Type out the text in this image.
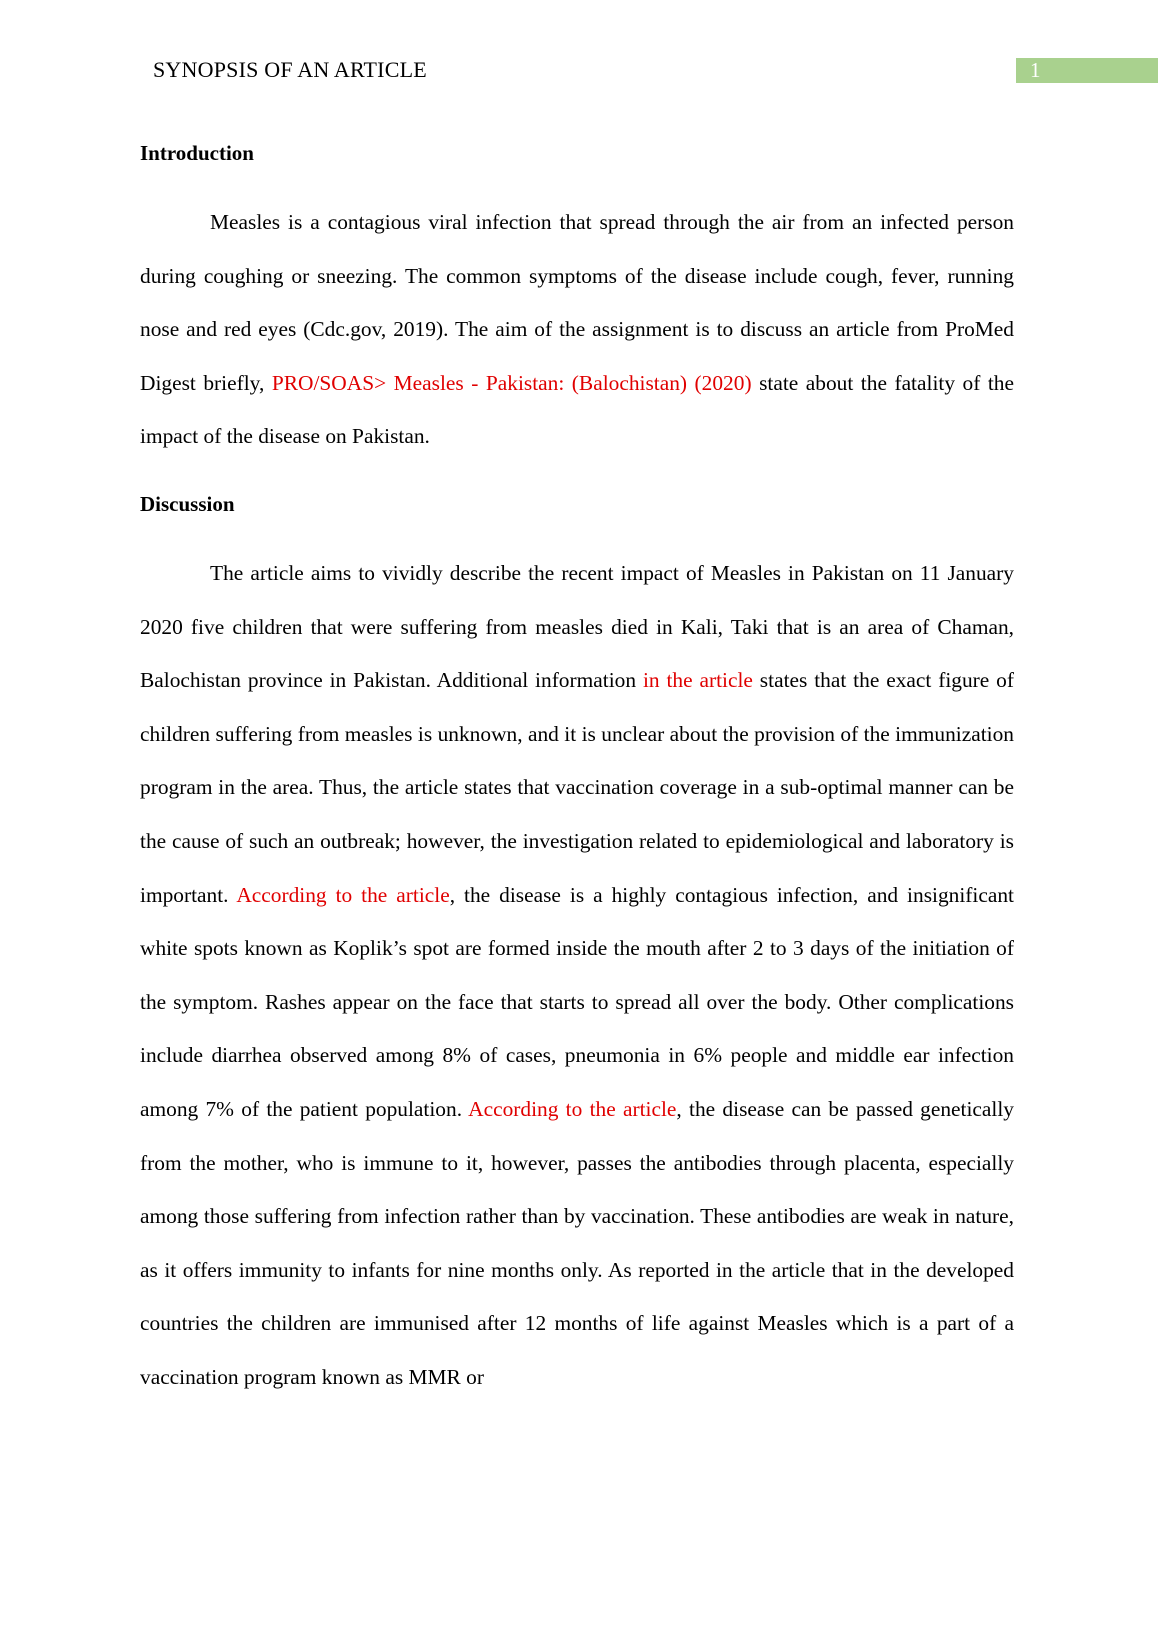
SYNOPSIS OF AN ARTICLE	1
Introduction

Measles is a contagious viral infection that spread through the air from an infected person during coughing or sneezing. The common symptoms of the disease include cough, fever, running nose and red eyes (Cdc.gov, 2019). The aim of the assignment is to discuss an article from ProMed Digest briefly, PRO/SOAS> Measles - Pakistan: (Balochistan) (2020) state about the fatality of the impact of the disease on Pakistan.

Discussion

The article aims to vividly describe the recent impact of Measles in Pakistan on 11 January 2020 five children that were suffering from measles died in Kali, Taki that is an area of Chaman, Balochistan province in Pakistan. Additional information in the article states that the exact figure of children suffering from measles is unknown, and it is unclear about the provision of the immunization program in the area. Thus, the article states that vaccination coverage in a sub-optimal manner can be the cause of such an outbreak; however, the investigation related to epidemiological and laboratory is important. According to the article, the disease is a highly contagious infection, and insignificant white spots known as Koplik’s spot are formed inside the mouth after 2 to 3 days of the initiation of the symptom. Rashes appear on the face that starts to spread all over the body. Other complications include diarrhea observed among 8% of cases, pneumonia in 6% people and middle ear infection among 7% of the patient population. According to the article, the disease can be passed genetically from the mother, who is immune to it, however, passes the antibodies through placenta, especially among those suffering from infection rather than by vaccination. These antibodies are weak in nature, as it offers immunity to infants for nine months only. As reported in the article that in the developed countries the children are immunised after 12 months of life against Measles which is a part of a vaccination program known as MMR or
